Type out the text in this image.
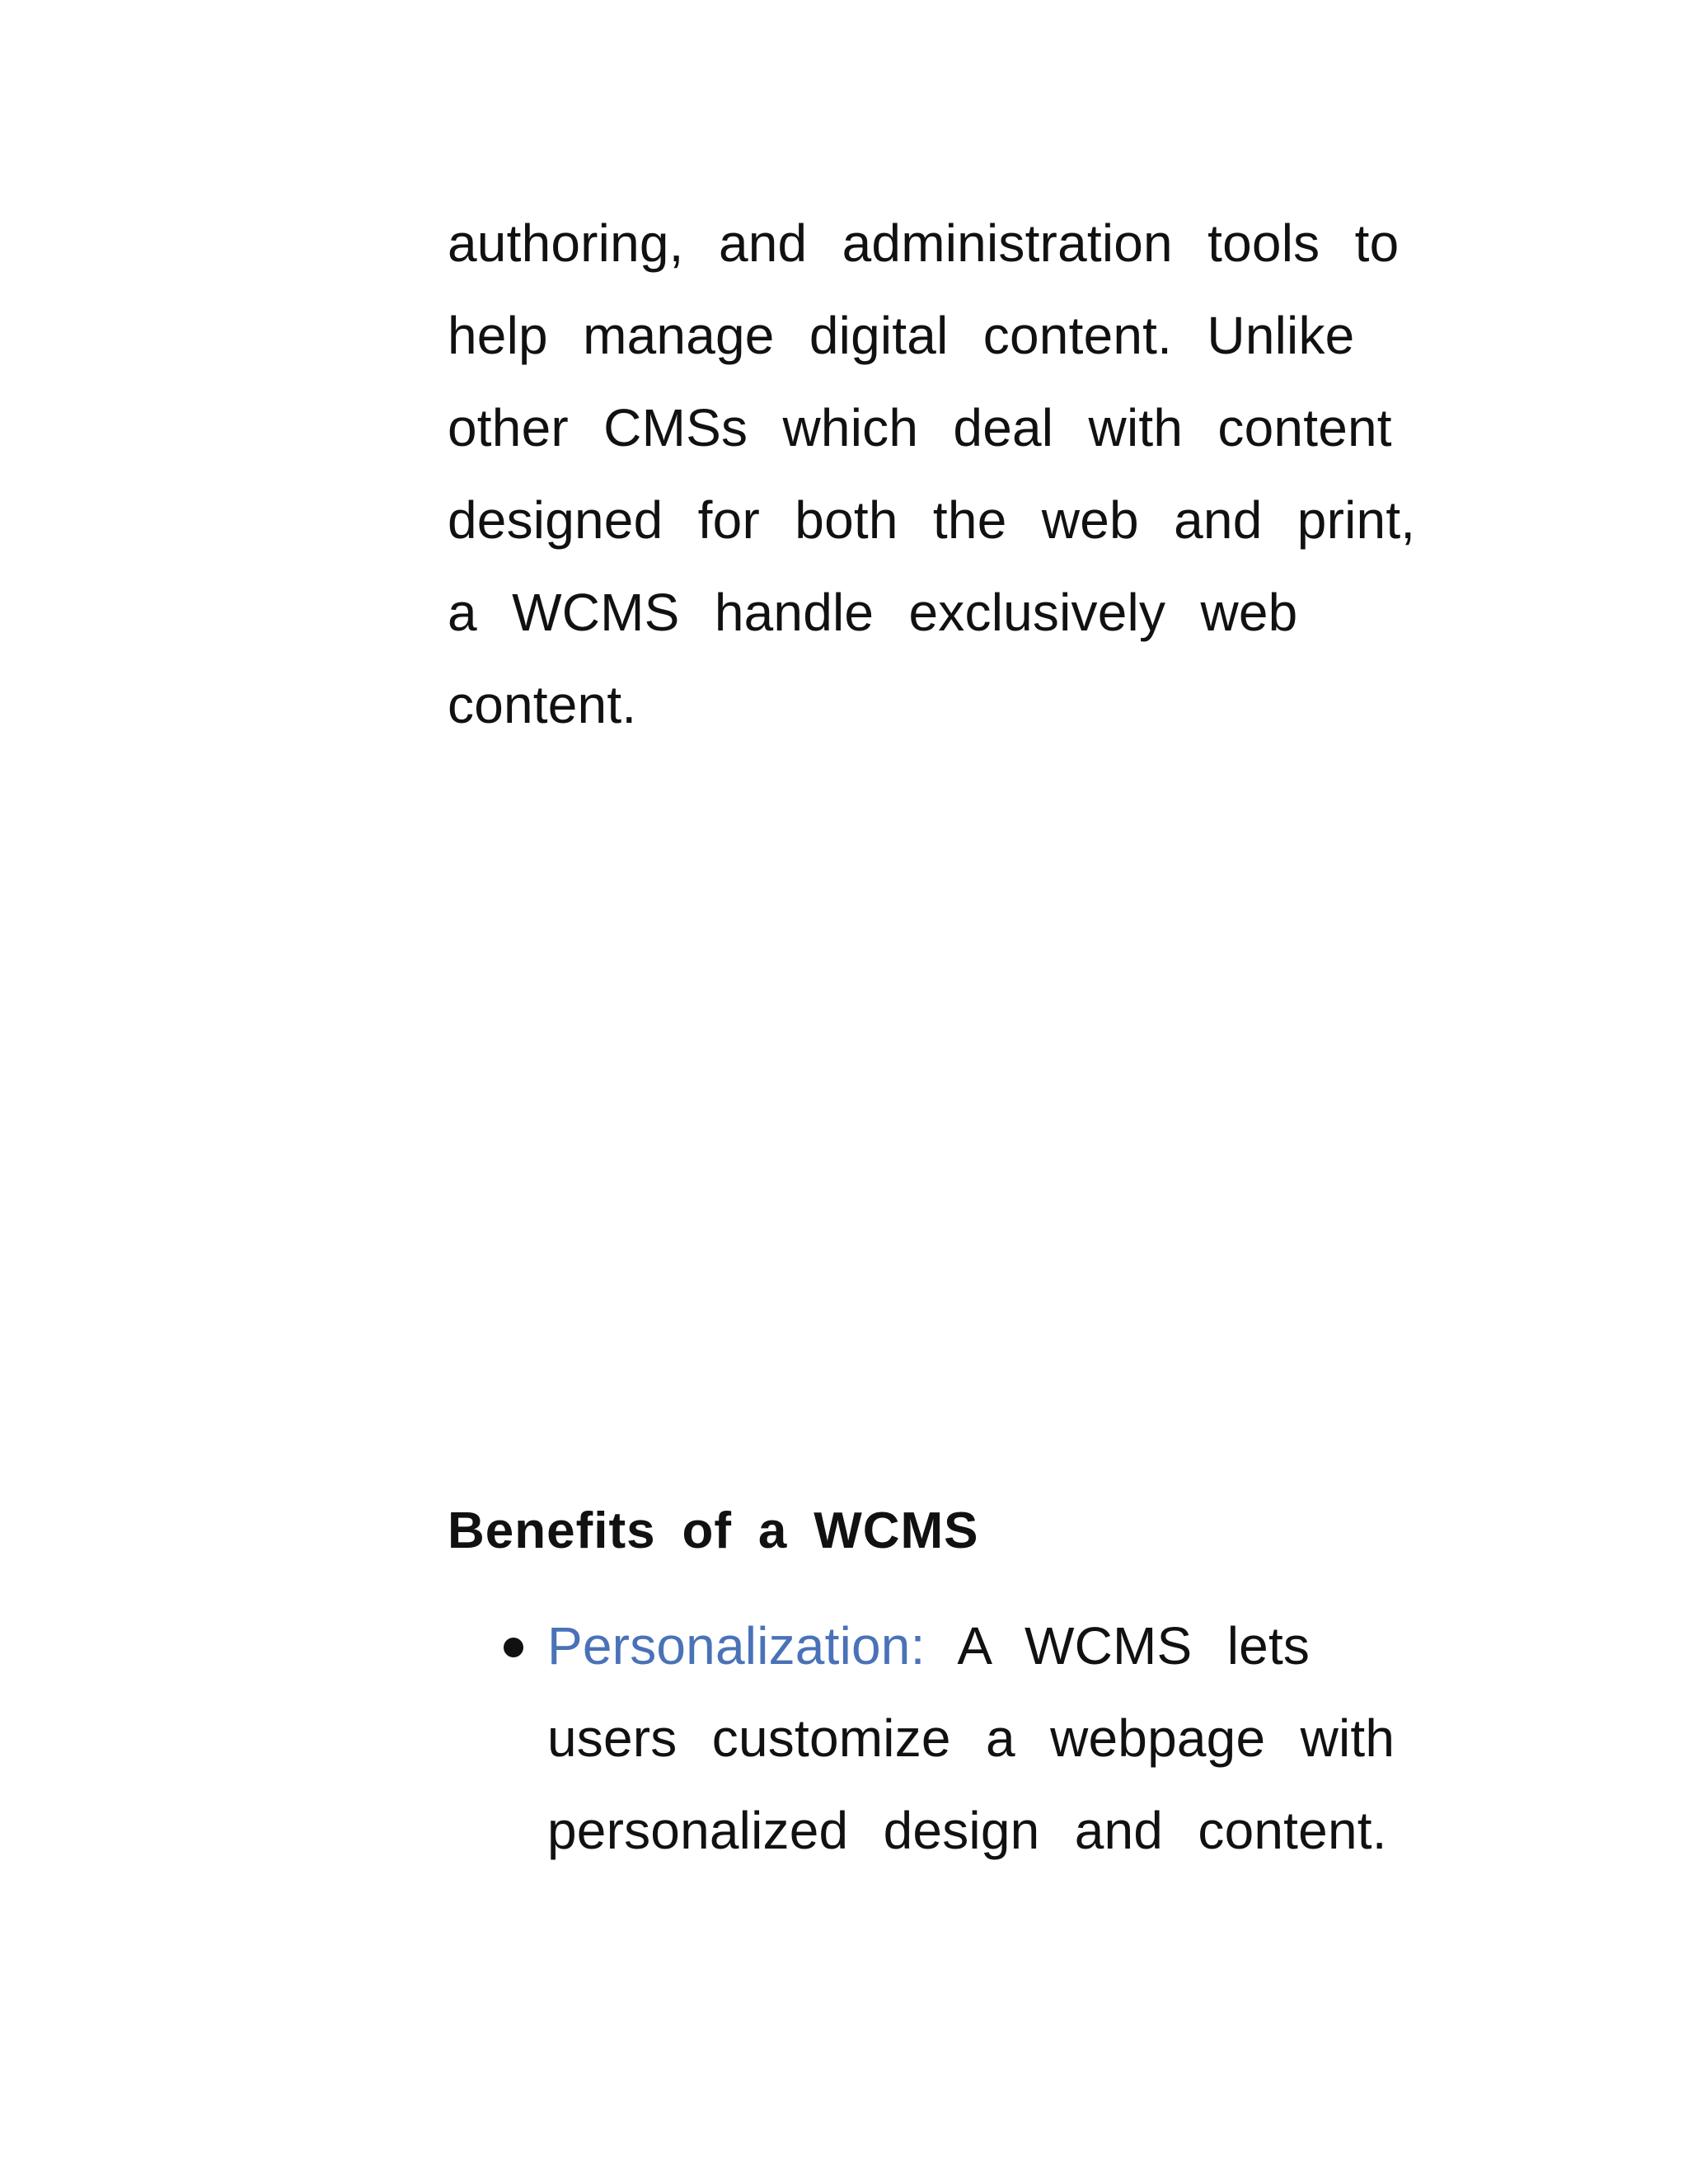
authoring, and administration tools to
help manage digital content. Unlike
other CMSs which deal with content
designed for both the web and print,
a WCMS handle exclusively web
content.
Benefits of a WCMS
Personalization: A WCMS lets
users customize a webpage with
personalized design and content.
